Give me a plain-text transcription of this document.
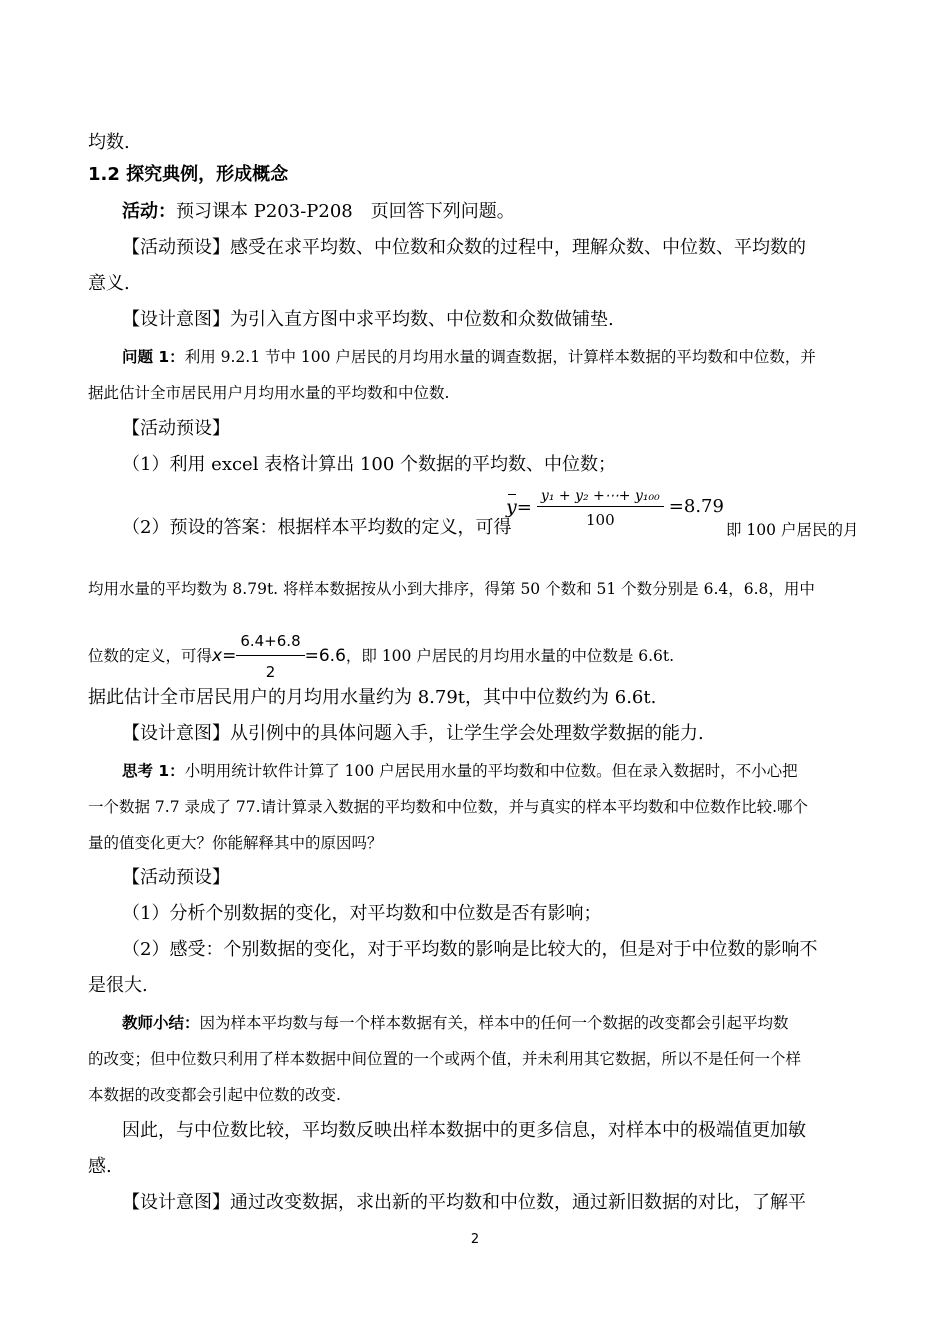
均数.
1.2 探究典例，形成概念
活动：预习课本 P203-P208　页回答下列问题。
【活动预设】感受在求平均数、中位数和众数的过程中，理解众数、中位数、平均数的
意义.
【设计意图】为引入直方图中求平均数、中位数和众数做铺垫.
问题 1：利用 9.2.1 节中 100 户居民的月均用水量的调查数据，计算样本数据的平均数和中位数，并
据此估计全市居民用户月均用水量的平均数和中位数.
【活动预设】
（1）利用 excel 表格计算出 100 个数据的平均数、中位数；
（2）预设的答案：根据样本平均数的定义，可得
$y= \frac{\text{y₁ + y₂ +⋯+ y₁₀₀}}{100} =8.79$
即 100 户居民的月
均用水量的平均数为 8.79t. 将样本数据按从小到大排序，得第 50 个数和 51 个数分别是 6.4，6.8，用中
位数的定义，可得 $x= \frac{6.4+6.8}{2} =6.6$ ，即 100 户居民的月均用水量的中位数是 6.6t.
据此估计全市居民用户的月均用水量约为 8.79t，其中中位数约为 6.6t.
【设计意图】从引例中的具体问题入手，让学生学会处理数学数据的能力.
思考 1：小明用统计软件计算了 100 户居民用水量的平均数和中位数。但在录入数据时，不小心把
一个数据 7.7 录成了 77.请计算录入数据的平均数和中位数，并与真实的样本平均数和中位数作比较.哪个
量的值变化更大？你能解释其中的原因吗？
【活动预设】
（1）分析个别数据的变化，对平均数和中位数是否有影响；
（2）感受：个别数据的变化，对于平均数的影响是比较大的，但是对于中位数的影响不
是很大.
教师小结：因为样本平均数与每一个样本数据有关，样本中的任何一个数据的改变都会引起平均数
的改变；但中位数只利用了样本数据中间位置的一个或两个值，并未利用其它数据，所以不是任何一个样
本数据的改变都会引起中位数的改变.
因此，与中位数比较，平均数反映出样本数据中的更多信息，对样本中的极端值更加敏
感.
【设计意图】通过改变数据，求出新的平均数和中位数，通过新旧数据的对比，了解平
2
